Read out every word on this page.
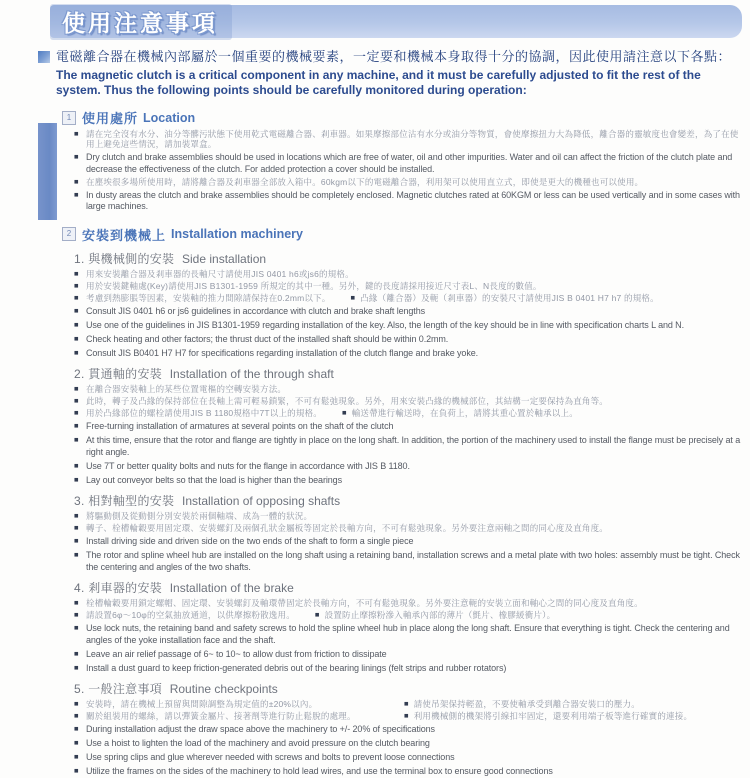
使用注意事項
電磁離合器在機械內部屬於一個重要的機械要素，一定要和機械本身取得十分的協調，因此使用請注意以下各點：
The magnetic clutch is a critical component in any machine, and it must be carefully adjusted to fit the rest of the system. Thus the following points should be carefully monitored during operation:
1 使用處所 Location
■ 請在完全沒有水分、油分等髒污狀態下使用乾式電磁離合器、剎車器。如果摩擦部位沾有水分或油分等物質，會使摩擦扭力大為降低，離合器的靈敏度也會變差，為了在使用上避免這些情況，請加裝罩盒。
■ Dry clutch and brake assemblies should be used in locations which are free of water, oil and other impurities. Water and oil can affect the friction of the clutch plate and decrease the effectiveness of the clutch. For added protection a cover should be installed.
■ 在塵埃很多場所使用時，請將離合器及剎車器全部放入箱中。60kgm以下的電磁離合器，利用架可以使用直立式，即使是更大的機種也可以使用。
■ In dusty areas the clutch and brake assemblies should be completely enclosed. Magnetic clutches rated at 60KGM or less can be used vertically and in some cases with large machines.
2 安裝到機械上 Installation machinery
1. 與機械側的安裝 Side installation
■ 用來安裝離合器及剎車器的長軸尺寸請使用JIS 0401 h6或js6的規格。
■ 用於安裝鍵軸處(Key)請使用JIS B1301-1959 所規定的其中一種。另外，鍵的長度請採用接近尺寸表L、N長度的數值。
■ 考慮到熱膨脹等因素，安裝軸的推力間隙請保持在0.2mm以下。	■ 凸緣（離合器）及軛（剎車器）的安裝尺寸請使用JIS B 0401 H7 h7 的規格。
■ Consult JIS 0401 h6 or js6 guidelines in accordance with clutch and brake shaft lengths
■ Use one of the guidelines in JIS B1301-1959 regarding installation of the key. Also, the length of the key should be in line with specification charts L and N.
■ Check heating and other factors; the thrust duct of the installed shaft should be within 0.2mm.
■ Consult JIS B0401 H7 H7 for specifications regarding installation of the clutch flange and brake yoke.
2. 貫通軸的安裝 Installation of the through shaft
■ 在離合器安裝軸上的某些位置電樞的空轉安裝方法。
■ 此時，轉子及凸緣的保持部位在長軸上需可輕易鎖緊，不可有鬆弛現象。另外，用來安裝凸緣的機械部位，其結構一定要保持為直角等。
■ 用於凸緣部位的螺栓請使用JIS B 1180規格中7T以上的規格。	■ 輸送帶進行輸送時，在負荷上，請將其重心置於軸承以上。
■ Free-turning installation of armatures at several points on the shaft of the clutch
■ At this time, ensure that the rotor and flange are tightly in place on the long shaft. In addition, the portion of the machinery used to install the flange must be precisely at a right angle.
■ Use 7T or better quality bolts and nuts for the flange in accordance with JIS B 1180.
■ Lay out conveyor belts so that the load is higher than the bearings
3. 相對軸型的安裝 Installation of opposing shafts
■ 將驅動側及從動側分別安裝於兩個軸端、成為一體的狀況。
■ 轉子、栓槽輪轂要用固定環、安裝螺釘及兩個孔狀金屬板等固定於長軸方向，不可有鬆弛現象。另外要注意兩軸之間的同心度及直角度。
■ Install driving side and driven side on the two ends of the shaft to form a single piece
■ The rotor and spline wheel hub are installed on the long shaft using a retaining band, installation screws and a metal plate with two holes: assembly must be tight. Check the centering and angles of the two shafts.
4. 剎車器的安裝 Installation of the brake
■ 栓槽輪轂要用鎖定螺帽、固定環、安裝螺釘及軸環帶固定於長軸方向，不可有鬆弛現象。另外要注意軛的安裝立面和軸心之間的同心度及直角度。
■ 請設置6φ～10φ的空氣抽放通道，以供摩擦粉散逸用。	■ 設置防止摩擦粉滲入軸承內部的薄片（氈片、橡膠緩衝片）。
■ Use lock nuts, the retaining band and safety screws to hold the spline wheel hub in place along the long shaft. Ensure that everything is tight. Check the centering and angles of the yoke installation face and the shaft.
■ Leave an air relief passage of 6~ to 10~ to allow dust from friction to dissipate
■ Install a dust guard to keep friction-generated debris out of the bearing linings (felt strips and rubber rotators)
5. 一般注意事項 Routine checkpoints
■ 安裝時，請在機械上預留與間隙調整為規定值的±20%以內。	■ 請使吊架保持輕盈，不要使軸承受到離合器安裝口的壓力。
■ 關於組裝用的螺絲，請以彈簧金屬片、接著劑等進行防止鬆脫的處理。	■ 利用機械側的機架將引線扣牢固定，還要利用端子板等進行確實的連接。
■ During installation adjust the draw space above the machinery to +/- 20% of specifications
■ Use a hoist to lighten the load of the machinery and avoid pressure on the clutch bearing
■ Use spring clips and glue wherever needed with screws and bolts to prevent loose connections
■ Utilize the frames on the sides of the machinery to hold lead wires, and use the terminal box to ensure good connections
